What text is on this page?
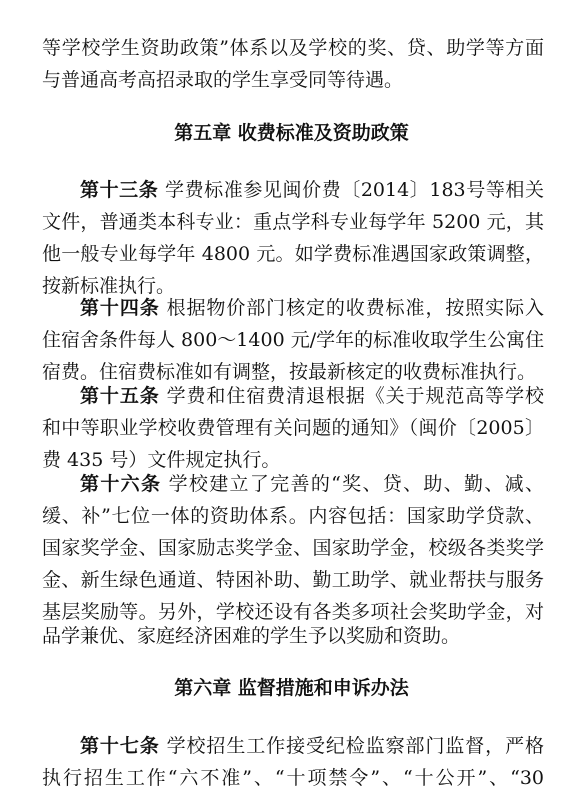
等学校学生资助政策”体系以及学校的奖、贷、助学等方面
与普通高考高招录取的学生享受同等待遇。
第五章 收费标准及资助政策
第十三条 学费标准参见闽价费〔2014〕183号等相关
文件，普通类本科专业：重点学科专业每学年 5200 元，其
他一般专业每学年 4800 元。如学费标准遇国家政策调整，
按新标准执行。
第十四条 根据物价部门核定的收费标准，按照实际入
住宿舍条件每人 800～1400 元/学年的标准收取学生公寓住
宿费。住宿费标准如有调整，按最新核定的收费标准执行。
第十五条 学费和住宿费清退根据《关于规范高等学校
和中等职业学校收费管理有关问题的通知》（闽价〔2005〕
费 435 号）文件规定执行。
第十六条 学校建立了完善的“奖、贷、助、勤、减、
缓、补”七位一体的资助体系。内容包括：国家助学贷款、
国家奖学金、国家励志奖学金、国家助学金，校级各类奖学
金、新生绿色通道、特困补助、勤工助学、就业帮扶与服务
基层奖励等。另外，学校还设有各类多项社会奖助学金，对
品学兼优、家庭经济困难的学生予以奖励和资助。
第六章 监督措施和申诉办法
第十七条 学校招生工作接受纪检监察部门监督，严格
执行招生工作“六不准”、“十项禁令”、“十公开”、“30
